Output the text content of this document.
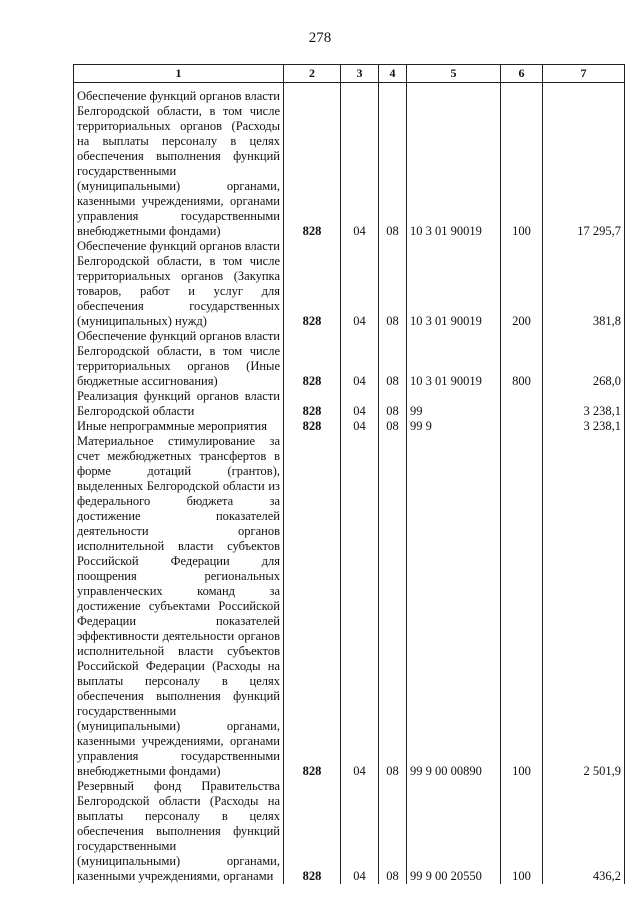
278
1	2	3	4	5	6	7
Обеспечение функций органов власти Белгородской области, в том числе территориальных органов (Расходы на выплаты персоналу в целях обеспечения выполнения функций государственными (муниципальными) органами, казенными учреждениями, органами управления государственными внебюджетными фондами)	828	04	08	10 3 01 90019	100	17 295,7
Обеспечение функций органов власти Белгородской области, в том числе территориальных органов (Закупка товаров, работ и услуг для обеспечения государственных (муниципальных) нужд)	828	04	08	10 3 01 90019	200	381,8
Обеспечение функций органов власти Белгородской области, в том числе территориальных органов (Иные бюджетные ассигнования)	828	04	08	10 3 01 90019	800	268,0
Реализация функций органов власти Белгородской области	828	04	08	99		3 238,1
Иные непрограммные мероприятия	828	04	08	99 9		3 238,1
Материальное стимулирование за счет межбюджетных трансфертов в форме дотаций (грантов), выделенных Белгородской области из федерального бюджета за достижение показателей деятельности органов исполнительной власти субъектов Российской Федерации для поощрения региональных управленческих команд за достижение субъектами Российской Федерации показателей эффективности деятельности органов исполнительной власти субъектов Российской Федерации (Расходы на выплаты персоналу в целях обеспечения выполнения функций государственными (муниципальными) органами, казенными учреждениями, органами управления государственными внебюджетными фондами)	828	04	08	99 9 00 00890	100	2 501,9
Резервный фонд Правительства Белгородской области (Расходы на выплаты персоналу в целях обеспечения выполнения функций государственными (муниципальными) органами, казенными учреждениями, органами	828	04	08	99 9 00 20550	100	436,2
